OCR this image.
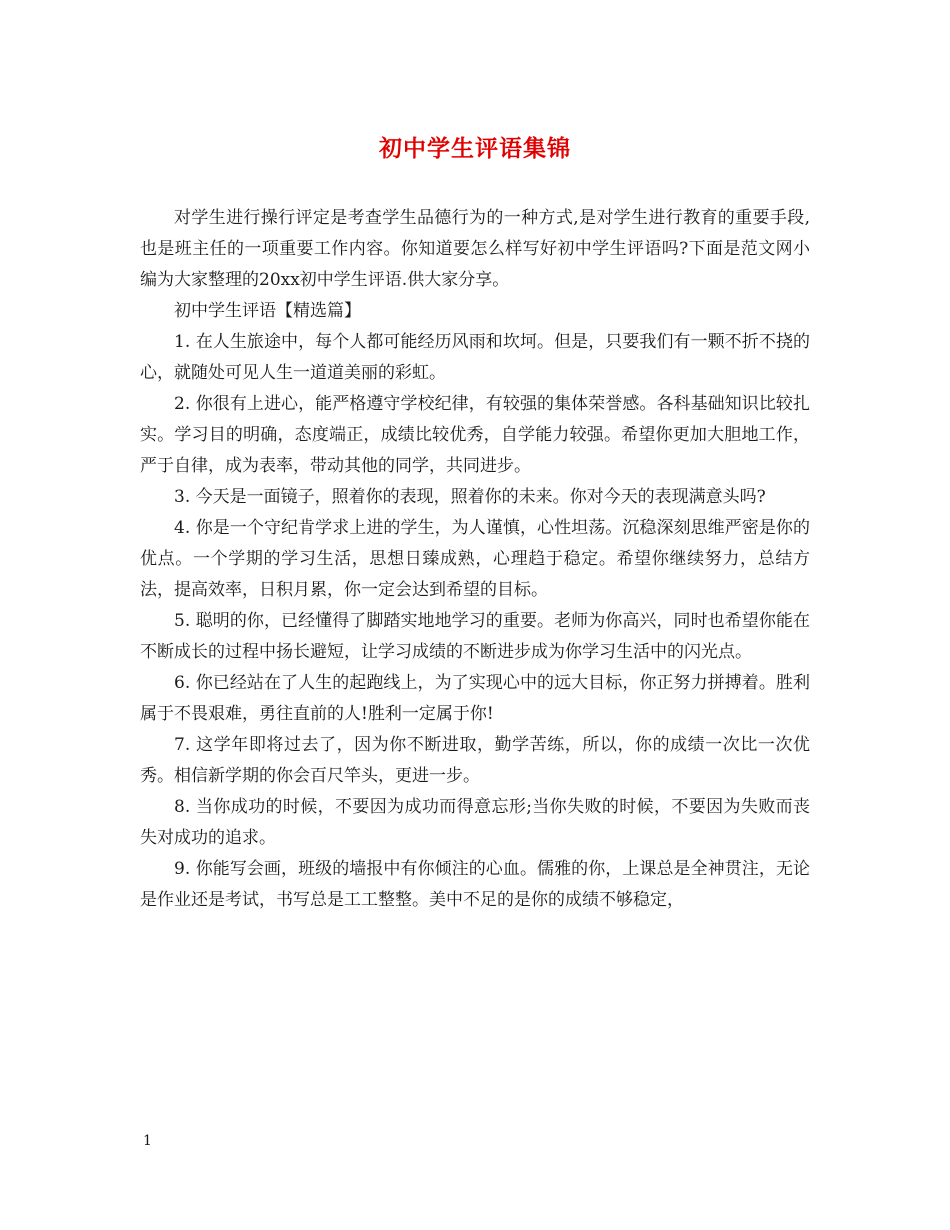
初中学生评语集锦

对学生进行操行评定是考查学生品德行为的一种方式,是对学生进行教育的重要手段,也是班主任的一项重要工作内容。你知道要怎么样写好初中学生评语吗?下面是范文网小编为大家整理的20xx初中学生评语.供大家分享。

初中学生评语【精选篇】

1. 在人生旅途中，每个人都可能经历风雨和坎坷。但是，只要我们有一颗不折不挠的心，就随处可见人生一道道美丽的彩虹。

2. 你很有上进心，能严格遵守学校纪律，有较强的集体荣誉感。各科基础知识比较扎实。学习目的明确，态度端正，成绩比较优秀，自学能力较强。希望你更加大胆地工作，严于自律，成为表率，带动其他的同学，共同进步。

3. 今天是一面镜子，照着你的表现，照着你的未来。你对今天的表现满意头吗?

4. 你是一个守纪肯学求上进的学生，为人谨慎，心性坦荡。沉稳深刻思维严密是你的优点。一个学期的学习生活，思想日臻成熟，心理趋于稳定。希望你继续努力，总结方法，提高效率，日积月累，你一定会达到希望的目标。

5. 聪明的你，已经懂得了脚踏实地地学习的重要。老师为你高兴，同时也希望你能在不断成长的过程中扬长避短，让学习成绩的不断进步成为你学习生活中的闪光点。

6. 你已经站在了人生的起跑线上，为了实现心中的远大目标，你正努力拼搏着。胜利属于不畏艰难，勇往直前的人!胜利一定属于你!

7. 这学年即将过去了，因为你不断进取，勤学苦练，所以，你的成绩一次比一次优秀。相信新学期的你会百尺竿头，更进一步。

8. 当你成功的时候，不要因为成功而得意忘形;当你失败的时候，不要因为失败而丧失对成功的追求。

9. 你能写会画，班级的墙报中有你倾注的心血。儒雅的你，上课总是全神贯注，无论是作业还是考试，书写总是工工整整。美中不足的是你的成绩不够稳定，

1
